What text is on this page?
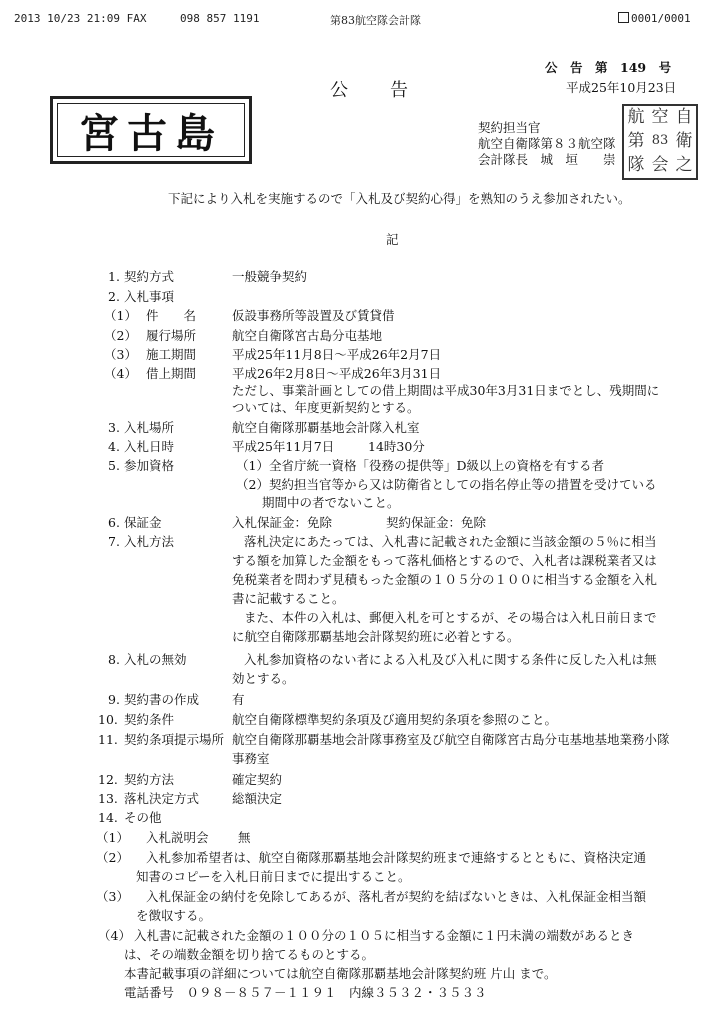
2013 10/23 21:09 FAX	098 857 1191	第83航空隊会計隊	0001/0001
公　告　第　149　号
平成25年10月23日
公　　告
宮古島	契約担当官
航空自衛隊第８３航空隊
会計隊長　城　垣　　崇
航 空 自
第 83 衛
隊 会 之
下記により入札を実施するので「入札及び契約心得」を熟知のうえ参加されたい。
記
1. 契約方式	一般競争契約
2. 入札事項
（1） 件　　名	仮設事務所等設置及び賃貸借
（2） 履行場所	航空自衛隊宮古島分屯基地
（3） 施工期間	平成25年11月8日～平成26年2月7日
（4） 借上期間	平成26年2月8日～平成26年3月31日
ただし、事業計画としての借上期間は平成30年3月31日までとし、残期間に
ついては、年度更新契約とする。
3. 入札場所	航空自衛隊那覇基地会計隊入札室
4. 入札日時	平成25年11月7日	14時30分
5. 参加資格	（1）全省庁統一資格「役務の提供等」D級以上の資格を有する者
（2）契約担当官等から又は防衛省としての指名停止等の措置を受けている
期間中の者でないこと。
6. 保証金	入札保証金：免除	契約保証金：免除
7. 入札方法	落札決定にあたっては、入札書に記載された金額に当該金額の５％に相当
する額を加算した金額をもって落札価格とするので、入札者は課税業者又は
免税業者を問わず見積もった金額の１０５分の１００に相当する金額を入札
書に記載すること。
また、本件の入札は、郵便入札を可とするが、その場合は入札日前日まで
に航空自衛隊那覇基地会計隊契約班に必着とする。
8. 入札の無効	入札参加資格のない者による入札及び入札に関する条件に反した入札は無
効とする。
9. 契約書の作成	有
10. 契約条件	航空自衛隊標準契約条項及び適用契約条項を参照のこと。
11. 契約条項提示場所 航空自衛隊那覇基地会計隊事務室及び航空自衛隊宮古島分屯基地基地業務小隊
事務室
12. 契約方法	確定契約
13. 落札決定方式	総額決定
14. その他
（1） 入札説明会 無
（2） 入札参加希望者は、航空自衛隊那覇基地会計隊契約班まで連絡するとともに、資格決定通
知書のコピーを入札日前日までに提出すること。
（3） 入札保証金の納付を免除してあるが、落札者が契約を結ばないときは、入札保証金相当額
を徴収する。
（4） 入札書に記載された金額の１００分の１０５に相当する金額に１円未満の端数があるとき
は、その端数金額を切り捨てるものとする。
本書記載事項の詳細については航空自衛隊那覇基地会計隊契約班 片山 まで。
電話番号　０９８－８５７－１１９１　内線３５３２・３５３３
